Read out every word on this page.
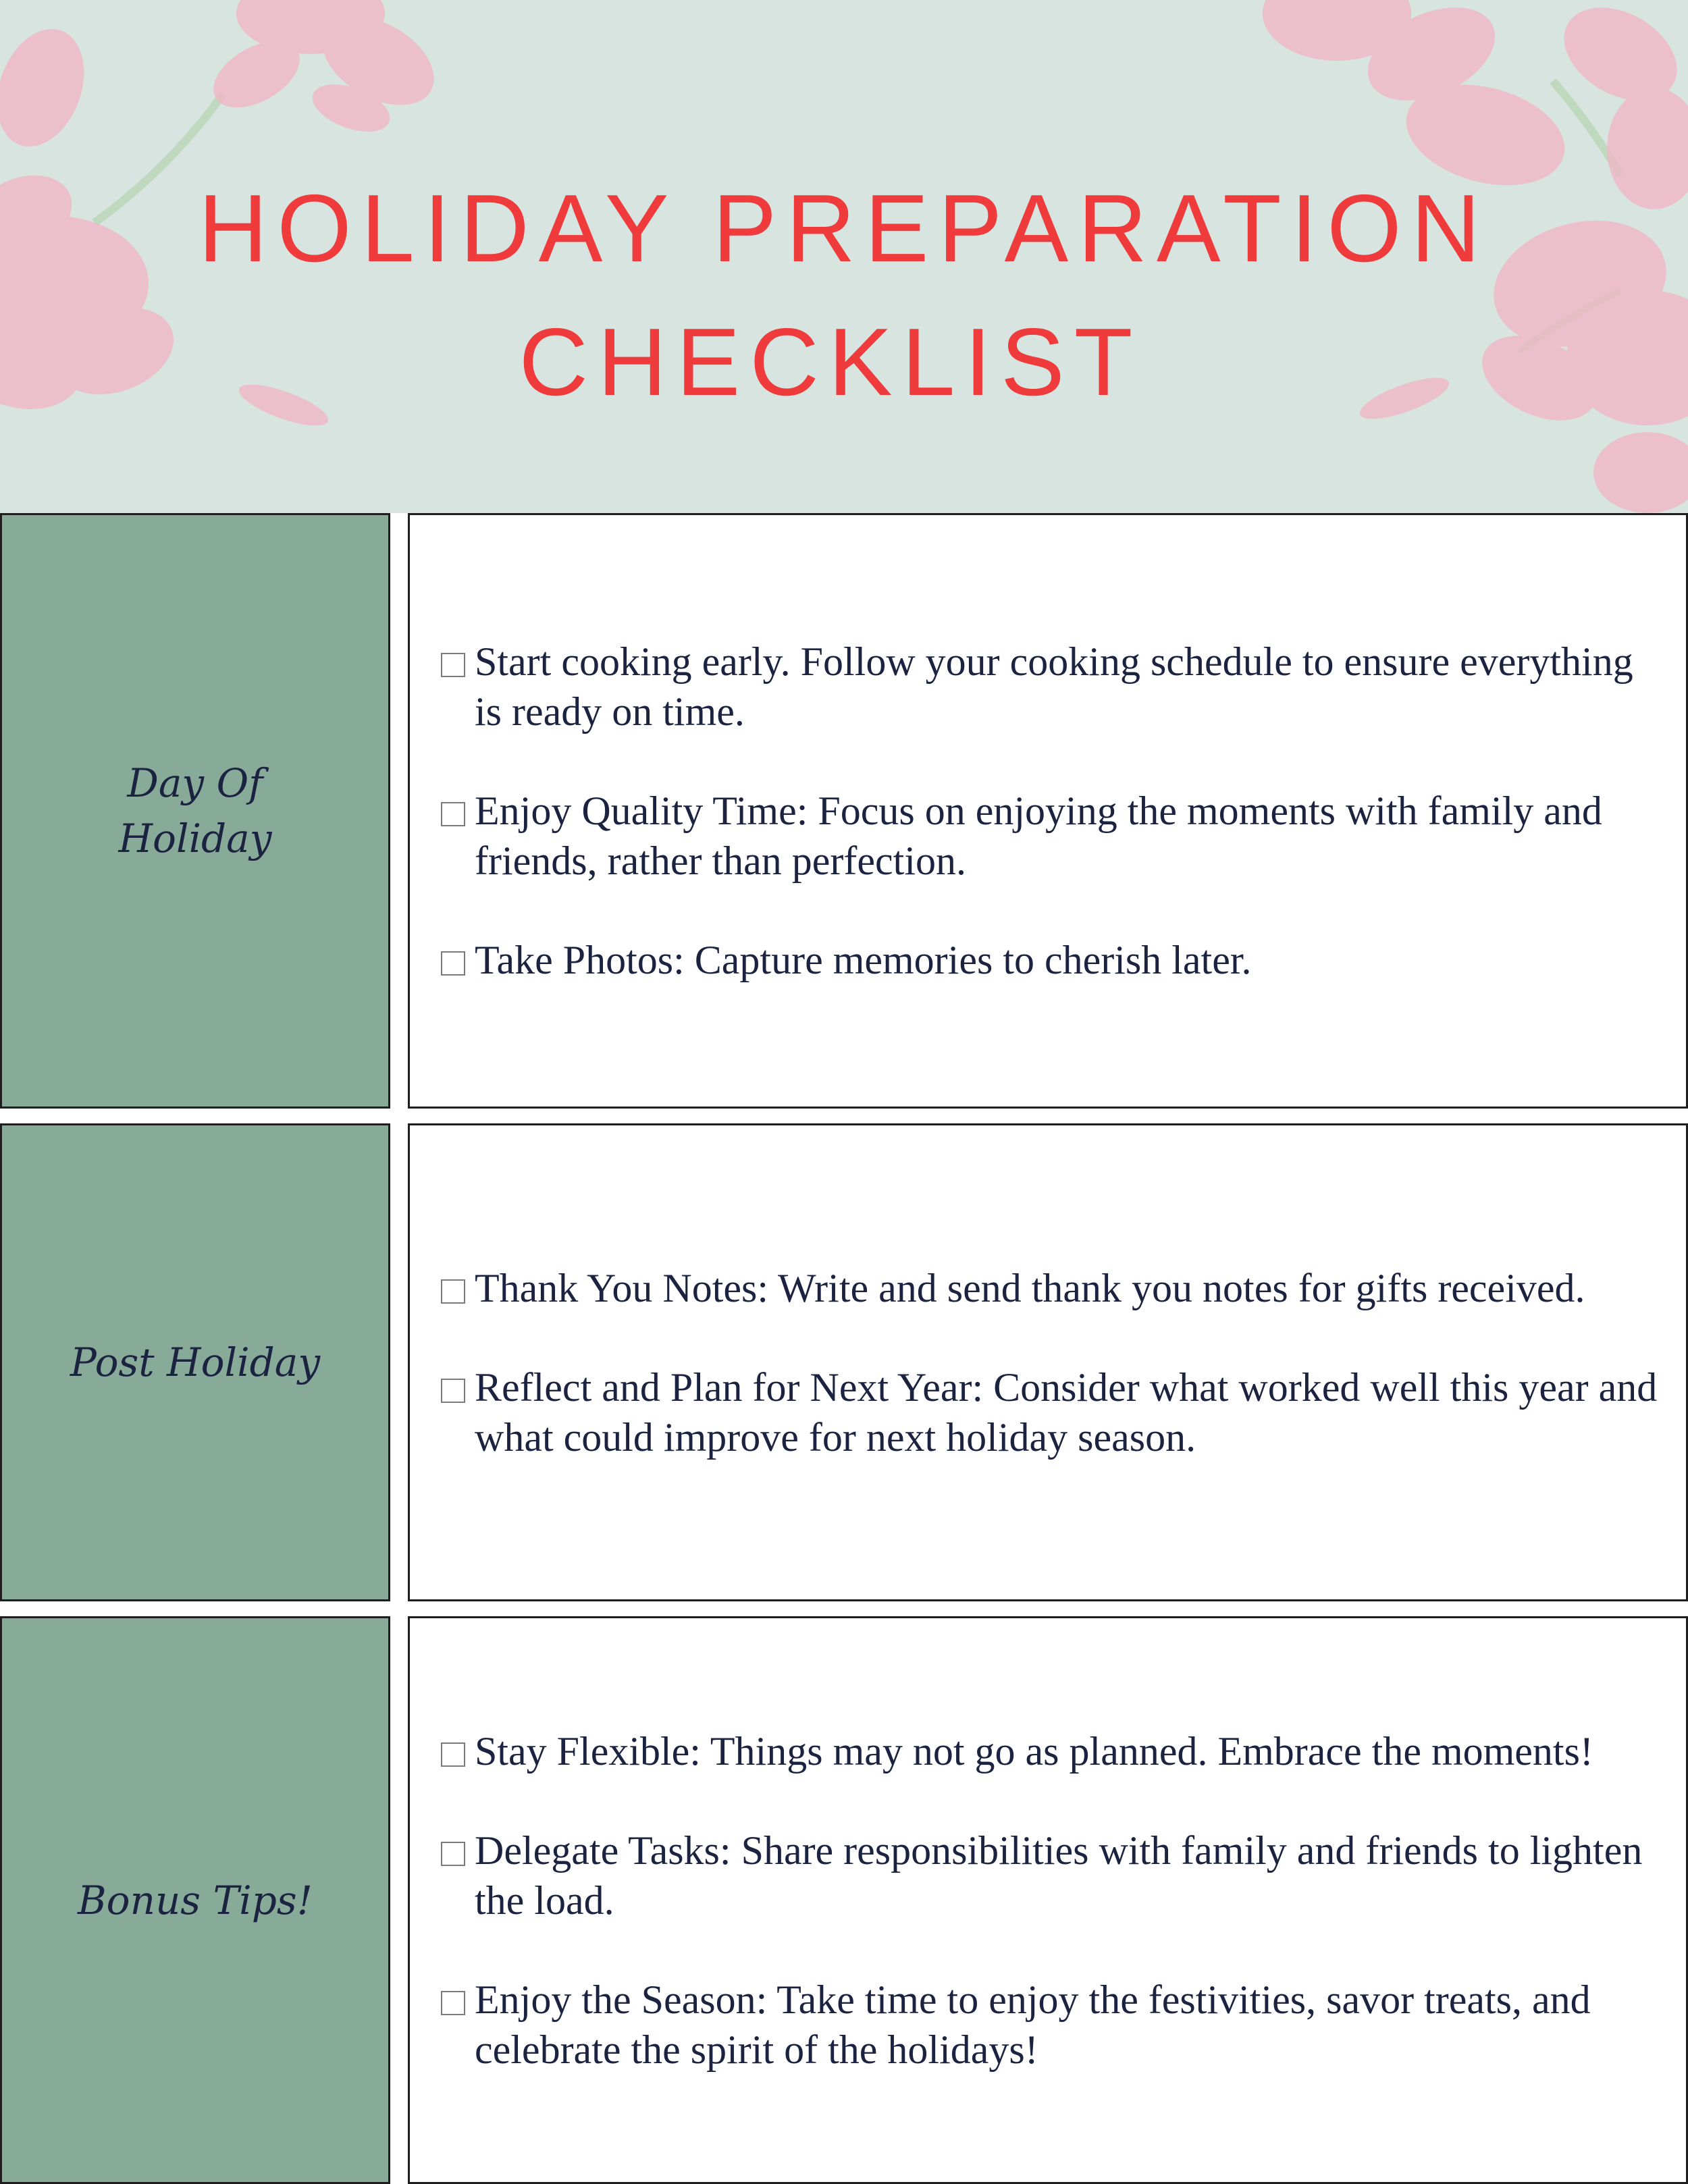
HOLIDAY PREPARATION
CHECKLIST
Day Of Holiday
Start cooking early. Follow your cooking schedule to ensure everything is ready on time.
Enjoy Quality Time: Focus on enjoying the moments with family and friends, rather than perfection.
Take Photos: Capture memories to cherish later.
Post Holiday
Thank You Notes: Write and send thank you notes for gifts received.
Reflect and Plan for Next Year: Consider what worked well this year and what could improve for next holiday season.
Bonus Tips!
Stay Flexible: Things may not go as planned. Embrace the moments!
Delegate Tasks: Share responsibilities with family and friends to lighten the load.
Enjoy the Season: Take time to enjoy the festivities, savor treats, and celebrate the spirit of the holidays!
